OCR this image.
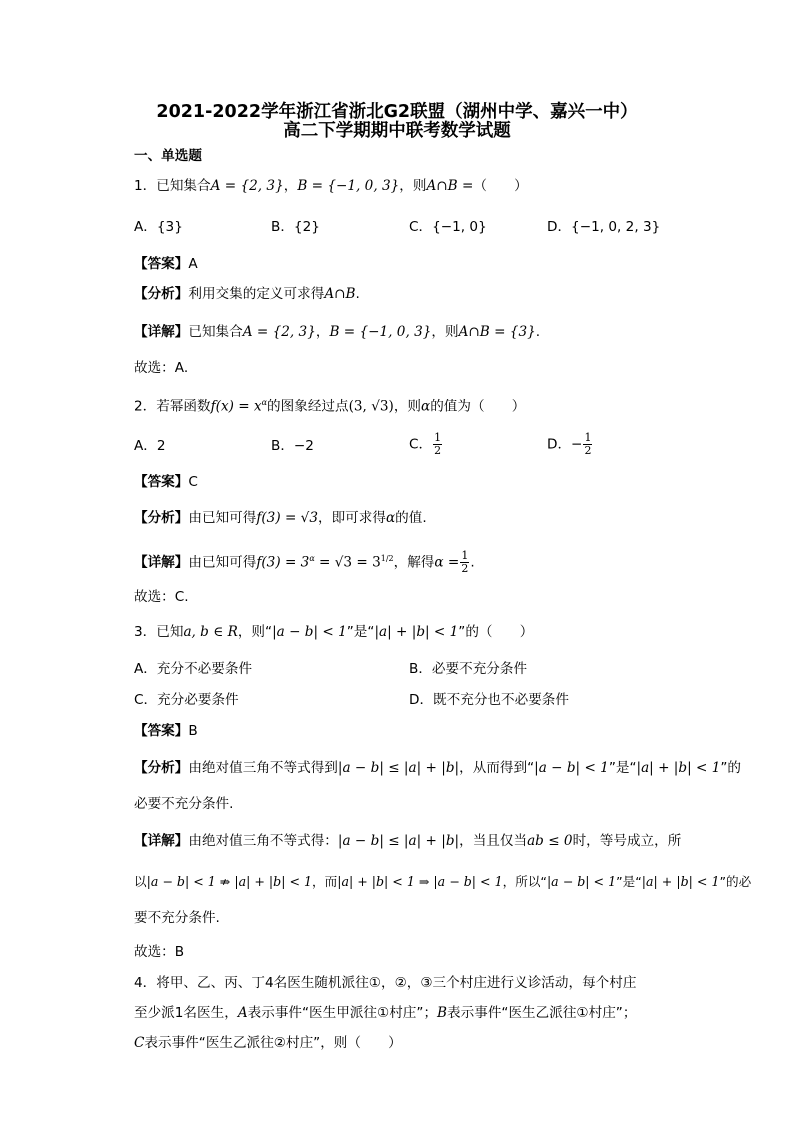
2021-2022学年浙江省浙北G2联盟（湖州中学、嘉兴一中）
高二下学期期中联考数学试题
一、单选题
1．已知集合A = {2, 3}，B = {−1, 0, 3}，则A∩B =（　　）
A．{3}	B．{2}	C．{−1, 0}	D．{−1, 0, 2, 3}
【答案】A
【分析】利用交集的定义可求得A∩B.
【详解】已知集合A = {2, 3}，B = {−1, 0, 3}，则A∩B = {3}.
故选：A.
2．若幂函数$f(x) = x^\alpha$的图象经过点(3, √3)，则α的值为（　　）
A．2	B．−2	C． $\frac{1}{2}$	D．− $\frac{1}{2}$
【答案】C
【分析】由已知可得f(3) = √3，即可求得α的值.
【详解】由已知可得$f(3) = 3^\alpha = √3 = 3^{1/2}$，解得$\alpha = \frac{1}{2}$ .
故选：C.
3．已知a, b ∈ R，则“|a − b| < 1”是“|a| + |b| < 1”的（　　）
A．充分不必要条件	B．必要不充分条件
C．充分必要条件	D．既不充分也不必要条件
【答案】B
【分析】由绝对值三角不等式得到|a − b| ≤ |a| + |b|，从而得到“|a − b| < 1”是“|a| + |b| < 1”的
必要不充分条件.
【详解】由绝对值三角不等式得：|a − b| ≤ |a| + |b|，当且仅当ab ≤ 0时，等号成立，所
以|a − b| < 1 ⇏ |a| + |b| < 1，而|a| + |b| < 1 ⇒ |a − b| < 1，所以“|a − b| < 1”是“|a| + |b| < 1”的必
要不充分条件.
故选：B
4．将甲、乙、丙、丁4名医生随机派往①，②，③三个村庄进行义诊活动，每个村庄
至少派1名医生，A表示事件“医生甲派往①村庄”；B表示事件“医生乙派往①村庄”；
C表示事件“医生乙派往②村庄”，则（　　）
